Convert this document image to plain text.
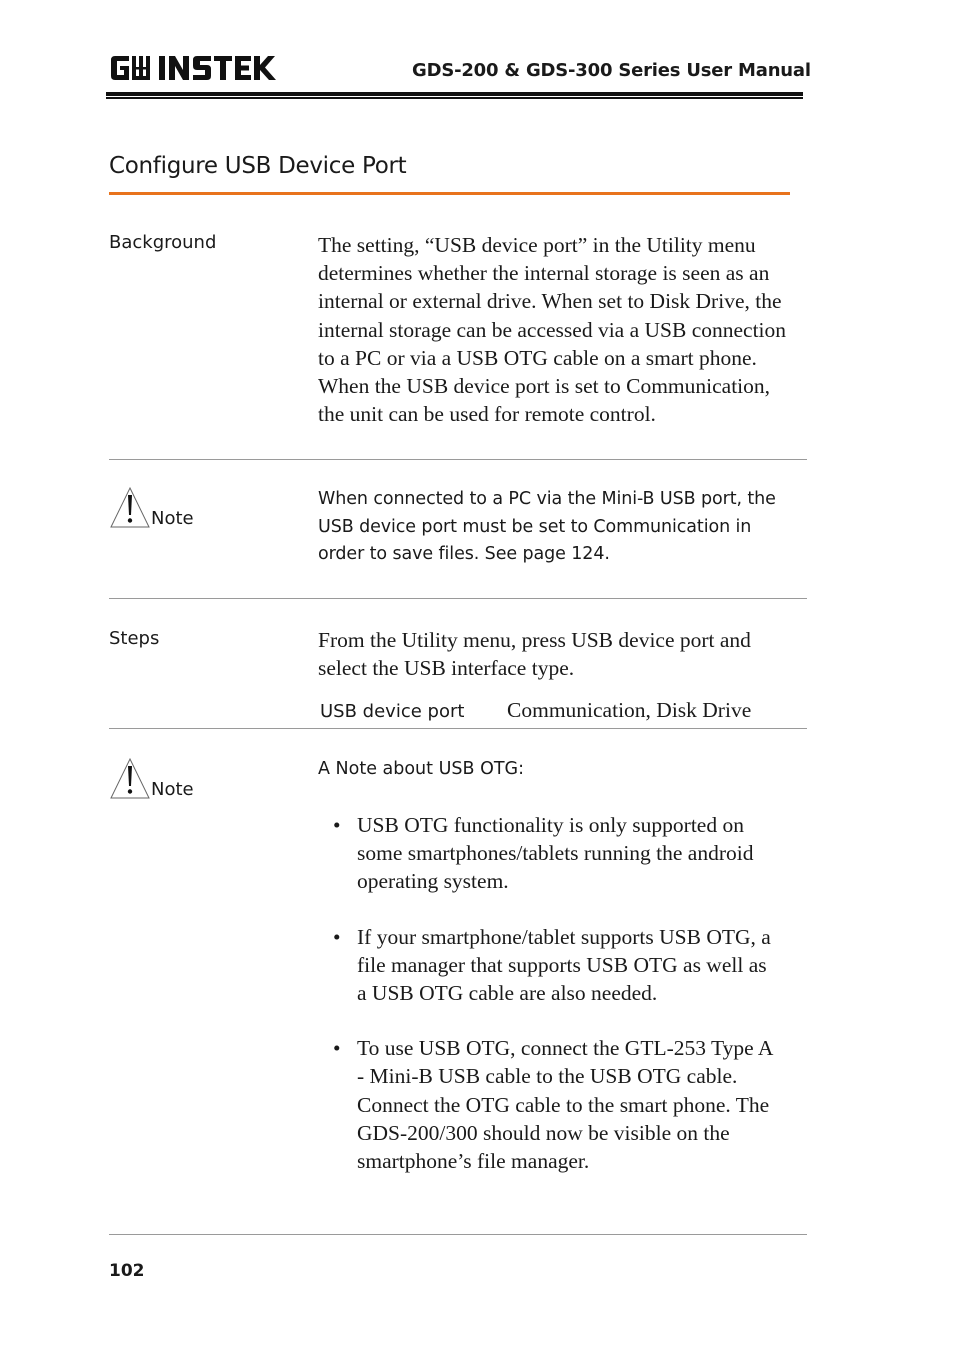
GDS-200 & GDS-300 Series User Manual
Configure USB Device Port
Background	The setting, “USB device port” in the Utility menu determines whether the internal storage is seen as an internal or external drive. When set to Disk Drive, the internal storage can be accessed via a USB connection to a PC or via a USB OTG cable on a smart phone. When the USB device port is set to Communication, the unit can be used for remote control.
Note
When connected to a PC via the Mini-B USB port, the USB device port must be set to Communication in order to save files. See page 124.
Steps	From the Utility menu, press USB device port and select the USB interface type.
USB device port Communication, Disk Drive
Note
A Note about USB OTG:
• USB OTG functionality is only supported on some smartphones/tablets running the android operating system.
• If your smartphone/tablet supports USB OTG, a file manager that supports USB OTG as well as a USB OTG cable are also needed.
• To use USB OTG, connect the GTL-253 Type A - Mini-B USB cable to the USB OTG cable. Connect the OTG cable to the smart phone. The GDS-200/300 should now be visible on the smartphone’s file manager.
102
